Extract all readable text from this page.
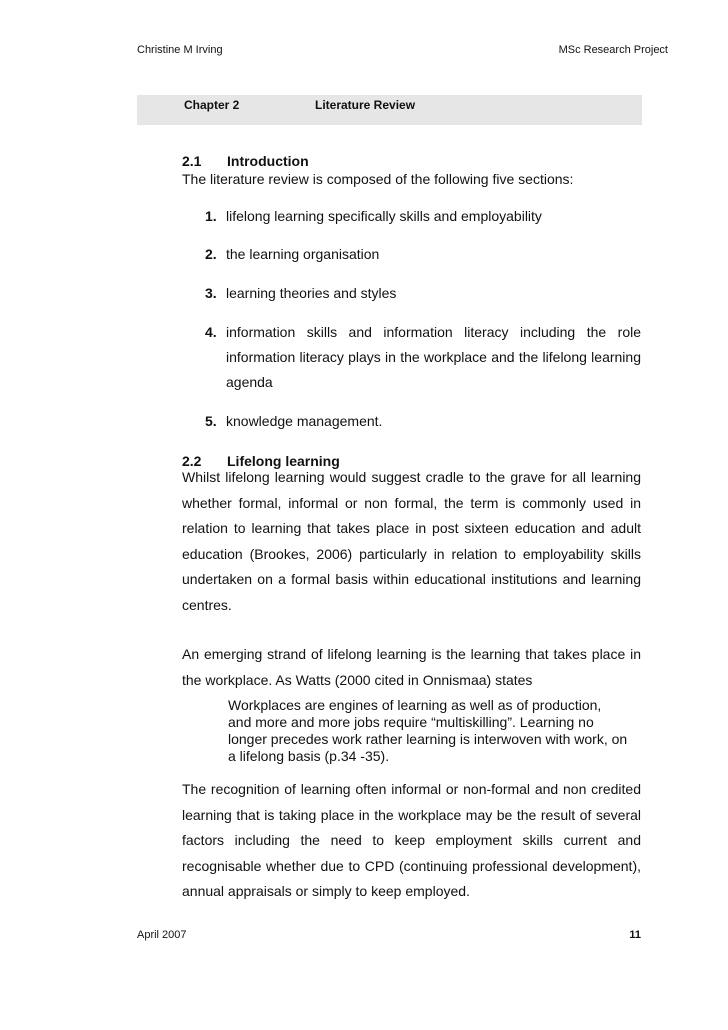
Christine M Irving	MSc Research Project
Chapter 2	Literature Review
2.1 Introduction
The literature review is composed of the following five sections:
1. lifelong learning specifically skills and employability
2. the learning organisation
3. learning theories and styles
4. information skills and information literacy including the role information literacy plays in the workplace and the lifelong learning agenda
5. knowledge management.
2.2 Lifelong learning
Whilst lifelong learning would suggest cradle to the grave for all learning whether formal, informal or non formal, the term is commonly used in relation to learning that takes place in post sixteen education and adult education (Brookes, 2006) particularly in relation to employability skills undertaken on a formal basis within educational institutions and learning centres.
An emerging strand of lifelong learning is the learning that takes place in the workplace. As Watts (2000 cited in Onnismaa) states
Workplaces are engines of learning as well as of production, and more and more jobs require “multiskilling”. Learning no longer precedes work rather learning is interwoven with work, on a lifelong basis (p.34 -35).
The recognition of learning often informal or non-formal and non credited learning that is taking place in the workplace may be the result of several factors including the need to keep employment skills current and recognisable whether due to CPD (continuing professional development), annual appraisals or simply to keep employed.
April 2007	11
